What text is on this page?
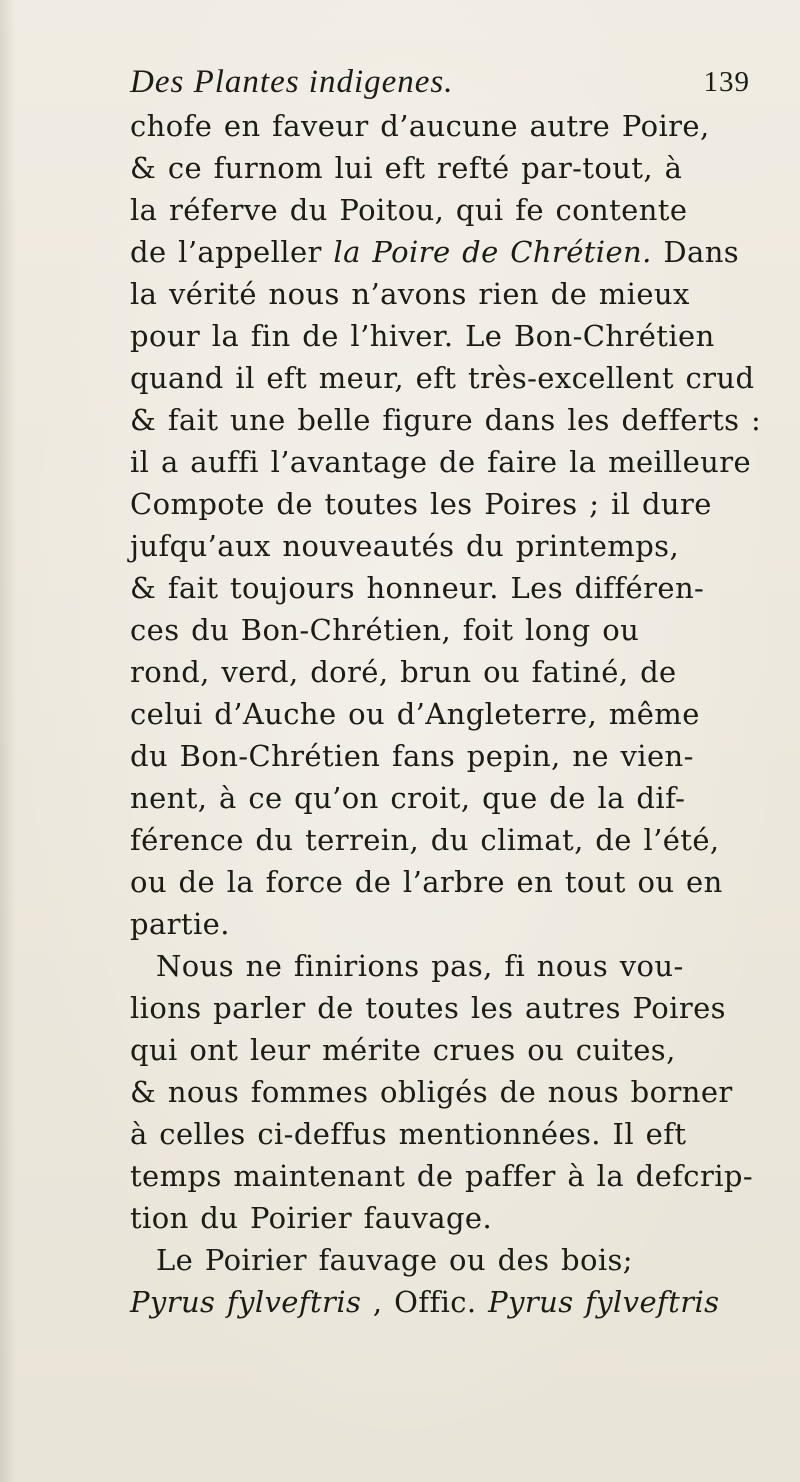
Des Plantes indigenes.	139
chofe en faveur d’aucune autre Poire,
& ce furnom lui eft refté par-tout, à
la réferve du Poitou, qui fe contente
de l’appeller la Poire de Chrétien. Dans
la vérité nous n’avons rien de mieux
pour la fin de l’hiver. Le Bon-Chrétien
quand il eft meur, eft très-excellent crud
& fait une belle figure dans les defferts :
il a auffi l’avantage de faire la meilleure
Compote de toutes les Poires ; il dure
jufqu’aux nouveautés du printemps,
& fait toujours honneur. Les différen-
ces du Bon-Chrétien, foit long ou
rond, verd, doré, brun ou fatiné, de
celui d’Auche ou d’Angleterre, même
du Bon-Chrétien fans pepin, ne vien-
nent, à ce qu’on croit, que de la dif-
férence du terrein, du climat, de l’été,
ou de la force de l’arbre en tout ou en
partie.
Nous ne finirions pas, fi nous vou-
lions parler de toutes les autres Poires
qui ont leur mérite crues ou cuites,
& nous fommes obligés de nous borner
à celles ci-deffus mentionnées. Il eft
temps maintenant de paffer à la defcrip-
tion du Poirier fauvage.
Le Poirier fauvage ou des bois;
Pyrus fylveftris , Offic. Pyrus fylveftris
